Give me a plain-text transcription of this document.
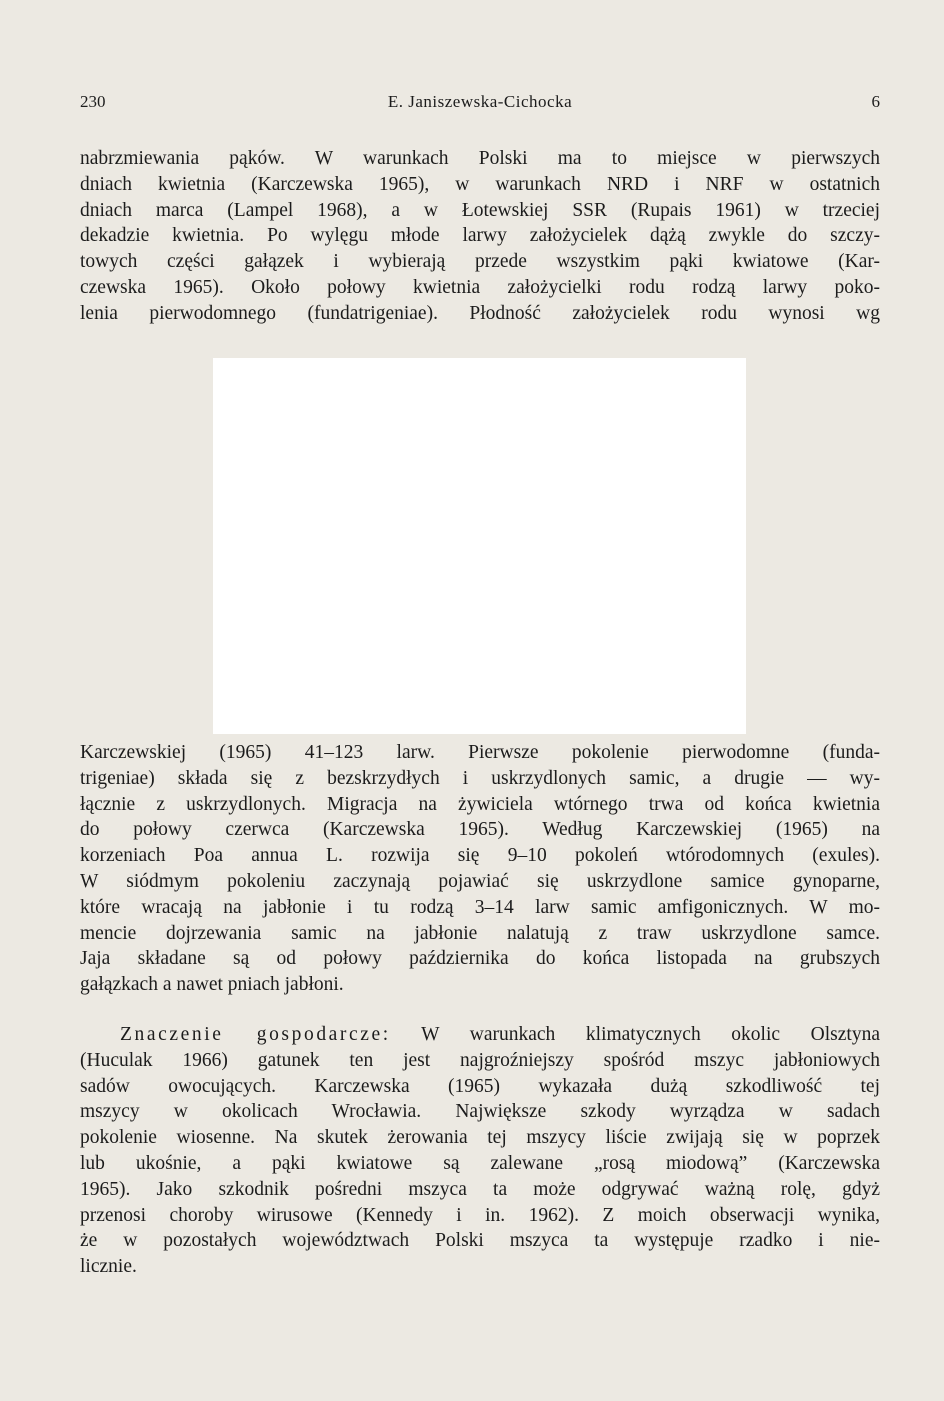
230	E. Janiszewska-Cichocka	6
nabrzmiewania pąków. W warunkach Polski ma to miejsce w pierwszych
dniach kwietnia (Karczewska 1965), w warunkach NRD i NRF w ostatnich
dniach marca (Lampel 1968), a w Łotewskiej SSR (Rupais 1961) w trzeciej
dekadzie kwietnia. Po wylęgu młode larwy założycielek dążą zwykle do szczy-
towych części gałązek i wybierają przede wszystkim pąki kwiatowe (Kar-
czewska 1965). Około połowy kwietnia założycielki rodu rodzą larwy poko-
lenia pierwodomnego (fundatrigeniae). Płodność założycielek rodu wynosi wg
Karczewskiej (1965) 41–123 larw. Pierwsze pokolenie pierwodomne (funda-
trigeniae) składa się z bezskrzydłych i uskrzydlonych samic, a drugie — wy-
łącznie z uskrzydlonych. Migracja na żywiciela wtórnego trwa od końca kwietnia
do połowy czerwca (Karczewska 1965). Według Karczewskiej (1965) na
korzeniach Poa annua L. rozwija się 9–10 pokoleń wtórodomnych (exules).
W siódmym pokoleniu zaczynają pojawiać się uskrzydlone samice gynoparne,
które wracają na jabłonie i tu rodzą 3–14 larw samic amfigonicznych. W mo-
mencie dojrzewania samic na jabłonie nalatują z traw uskrzydlone samce.
Jaja składane są od połowy października do końca listopada na grubszych
gałązkach a nawet pniach jabłoni.
Znaczenie gospodarcze: W warunkach klimatycznych okolic Olsztyna
(Huculak 1966) gatunek ten jest najgroźniejszy spośród mszyc jabłoniowych
sadów owocujących. Karczewska (1965) wykazała dużą szkodliwość tej
mszycy w okolicach Wrocławia. Największe szkody wyrządza w sadach
pokolenie wiosenne. Na skutek żerowania tej mszycy liście zwijają się w poprzek
lub ukośnie, a pąki kwiatowe są zalewane „rosą miodową” (Karczewska
1965). Jako szkodnik pośredni mszyca ta może odgrywać ważną rolę, gdyż
przenosi choroby wirusowe (Kennedy i in. 1962). Z moich obserwacji wynika,
że w pozostałych województwach Polski mszyca ta występuje rzadko i nie-
licznie.
